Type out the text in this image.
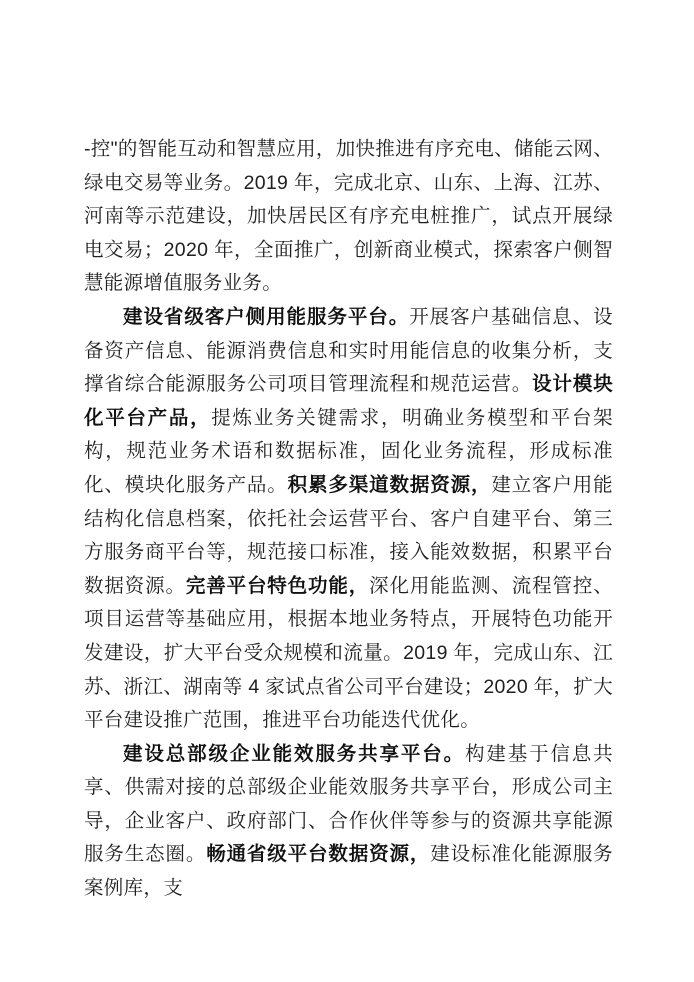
-控"的智能互动和智慧应用，加快推进有序充电、储能云网、绿电交易等业务。2019 年，完成北京、山东、上海、江苏、河南等示范建设，加快居民区有序充电桩推广，试点开展绿电交易；2020 年，全面推广，创新商业模式，探索客户侧智慧能源增值服务业务。

建设省级客户侧用能服务平台。开展客户基础信息、设备资产信息、能源消费信息和实时用能信息的收集分析，支撑省综合能源服务公司项目管理流程和规范运营。设计模块化平台产品，提炼业务关键需求，明确业务模型和平台架构，规范业务术语和数据标准，固化业务流程，形成标准化、模块化服务产品。积累多渠道数据资源，建立客户用能结构化信息档案，依托社会运营平台、客户自建平台、第三方服务商平台等，规范接口标准，接入能效数据，积累平台数据资源。完善平台特色功能，深化用能监测、流程管控、项目运营等基础应用，根据本地业务特点，开展特色功能开发建设，扩大平台受众规模和流量。2019 年，完成山东、江苏、浙江、湖南等 4 家试点省公司平台建设；2020 年，扩大平台建设推广范围，推进平台功能迭代优化。

建设总部级企业能效服务共享平台。构建基于信息共享、供需对接的总部级企业能效服务共享平台，形成公司主导，企业客户、政府部门、合作伙伴等参与的资源共享能源服务生态圈。畅通省级平台数据资源，建设标准化能源服务案例库，支
